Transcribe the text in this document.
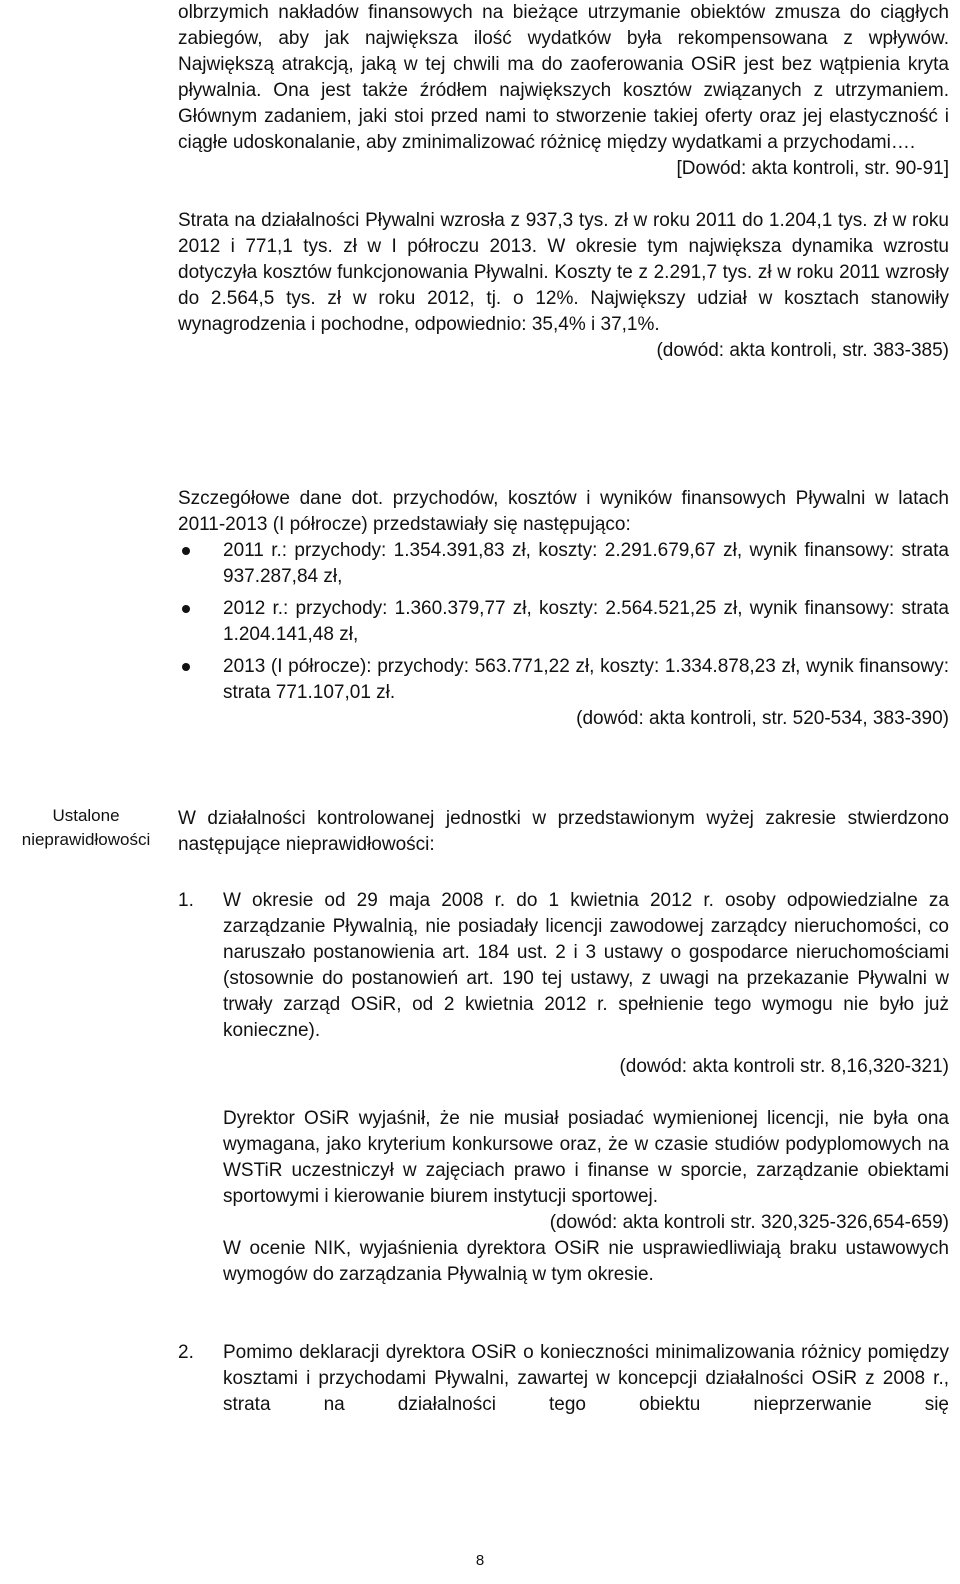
olbrzymich nakładów finansowych na bieżące utrzymanie obiektów zmusza do ciągłych zabiegów, aby jak największa ilość wydatków była rekompensowana z wpływów. Największą atrakcją, jaką w tej chwili ma do zaoferowania OSiR jest bez wątpienia kryta pływalnia. Ona jest także źródłem największych kosztów związanych z utrzymaniem. Głównym zadaniem, jaki stoi przed nami to stworzenie takiej oferty oraz jej elastyczność i ciągłe udoskonalanie, aby zminimalizować różnicę między wydatkami a przychodami….

[Dowód: akta kontroli, str. 90-91]

Strata na działalności Pływalni wzrosła z 937,3 tys. zł w roku 2011 do 1.204,1 tys. zł w roku 2012 i 771,1 tys. zł w I półroczu 2013. W okresie tym największa dynamika wzrostu dotyczyła kosztów funkcjonowania Pływalni. Koszty te z 2.291,7 tys. zł w roku 2011 wzrosły do 2.564,5 tys. zł w roku 2012, tj. o 12%. Największy udział w kosztach stanowiły wynagrodzenia i pochodne, odpowiednio: 35,4% i 37,1%.

(dowód: akta kontroli, str. 383-385)

Szczegółowe dane dot. przychodów, kosztów i wyników finansowych Pływalni w latach 2011-2013 (I półrocze) przedstawiały się następująco:

2011 r.: przychody: 1.354.391,83 zł, koszty: 2.291.679,67 zł, wynik finansowy: strata 937.287,84 zł,
2012 r.: przychody: 1.360.379,77 zł, koszty: 2.564.521,25 zł, wynik finansowy: strata 1.204.141,48 zł,
2013 (I półrocze): przychody: 563.771,22 zł, koszty: 1.334.878,23 zł, wynik finansowy: strata 771.107,01 zł.

(dowód: akta kontroli, str. 520-534, 383-390)

Ustalone nieprawidłowości

W działalności kontrolowanej jednostki w przedstawionym wyżej zakresie stwierdzono następujące nieprawidłowości:

1. W okresie od 29 maja 2008 r. do 1 kwietnia 2012 r. osoby odpowiedzialne za zarządzanie Pływalnią, nie posiadały licencji zawodowej zarządcy nieruchomości, co naruszało postanowienia art. 184 ust. 2 i 3 ustawy o gospodarce nieruchomościami (stosownie do postanowień art. 190 tej ustawy, z uwagi na przekazanie Pływalni w trwały zarząd OSiR, od 2 kwietnia 2012 r. spełnienie tego wymogu nie było już konieczne).

(dowód: akta kontroli str. 8,16,320-321)

Dyrektor OSiR wyjaśnił, że nie musiał posiadać wymienionej licencji, nie była ona wymagana, jako kryterium konkursowe oraz, że w czasie studiów podyplomowych na WSTiR uczestniczył w zajęciach prawo i finanse w sporcie, zarządzanie obiektami sportowymi i kierowanie biurem instytucji sportowej.

(dowód: akta kontroli str. 320,325-326,654-659)

W ocenie NIK, wyjaśnienia dyrektora OSiR nie usprawiedliwiają braku ustawowych wymogów do zarządzania Pływalnią w tym okresie.

2. Pomimo deklaracji dyrektora OSiR o konieczności minimalizowania różnicy pomiędzy kosztami i przychodami Pływalni, zawartej w koncepcji działalności OSiR z 2008 r., strata na działalności tego obiektu nieprzerwanie się

8
